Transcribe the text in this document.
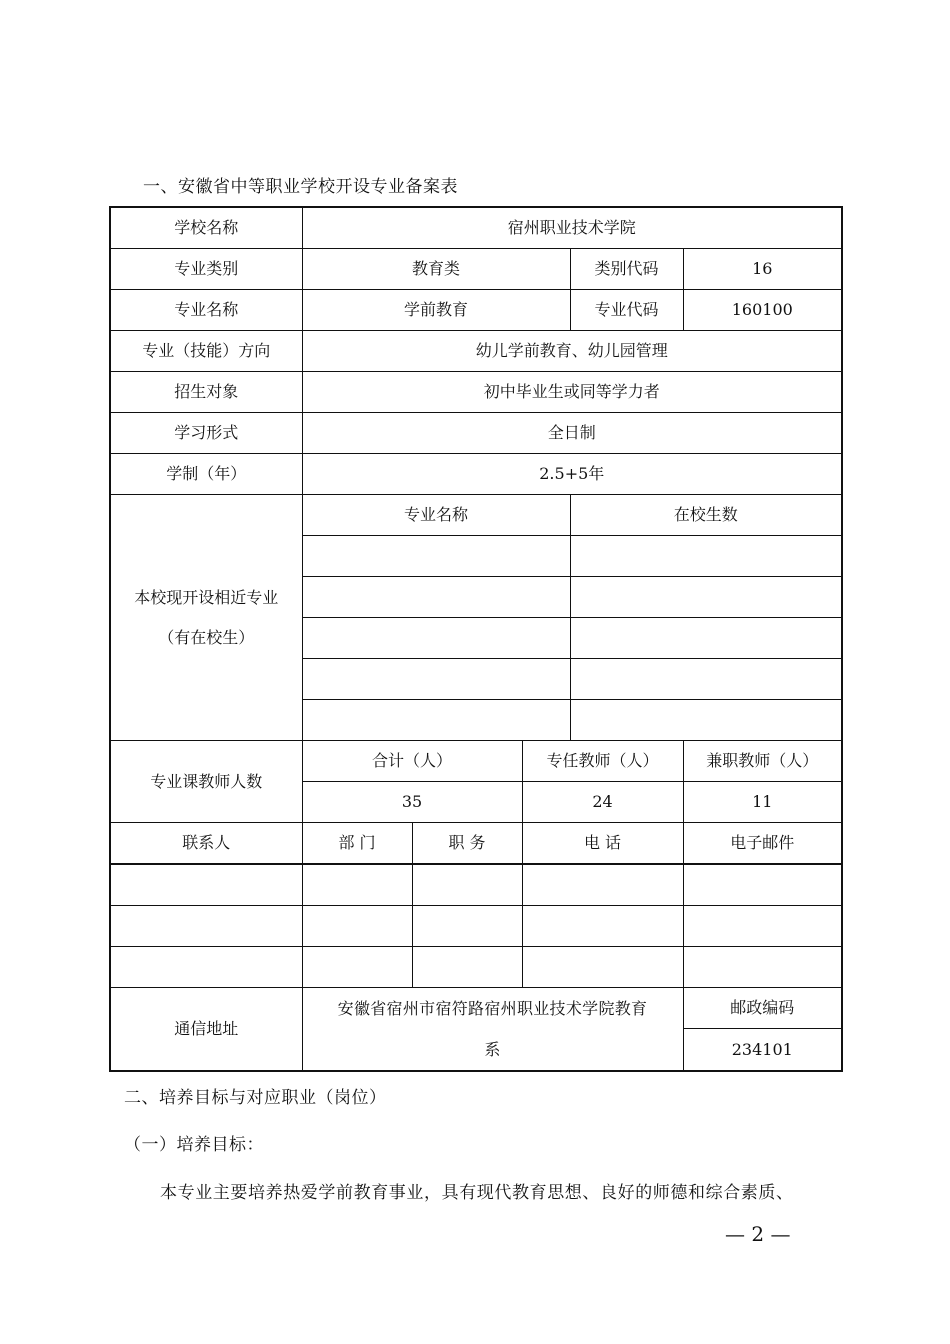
一、安徽省中等职业学校开设专业备案表
学校名称	宿州职业技术学院				
专业类别	教育类			类别代码	16
专业名称	学前教育			专业代码	160100
专业（技能）方向	幼儿学前教育、幼儿园管理				
招生对象	初中毕业生或同等学力者				
学习形式	全日制				
学制（年）	2.5+5年				

本校现开设相近专业
（有在校生）	专业名称			在校生数	

专业课教师人数	合计（人）		专任教师（人）		兼职教师（人）
	35		24		11
联系人	部 门	职 务	电 话		电子邮件

通信地址	安徽省宿州市宿符路宿州职业技术学院教育
系				邮政编码
					234101
二、培养目标与对应职业（岗位）
（一）培养目标：
本专业主要培养热爱学前教育事业，具有现代教育思想、良好的师德和综合素质、
— 2 —
